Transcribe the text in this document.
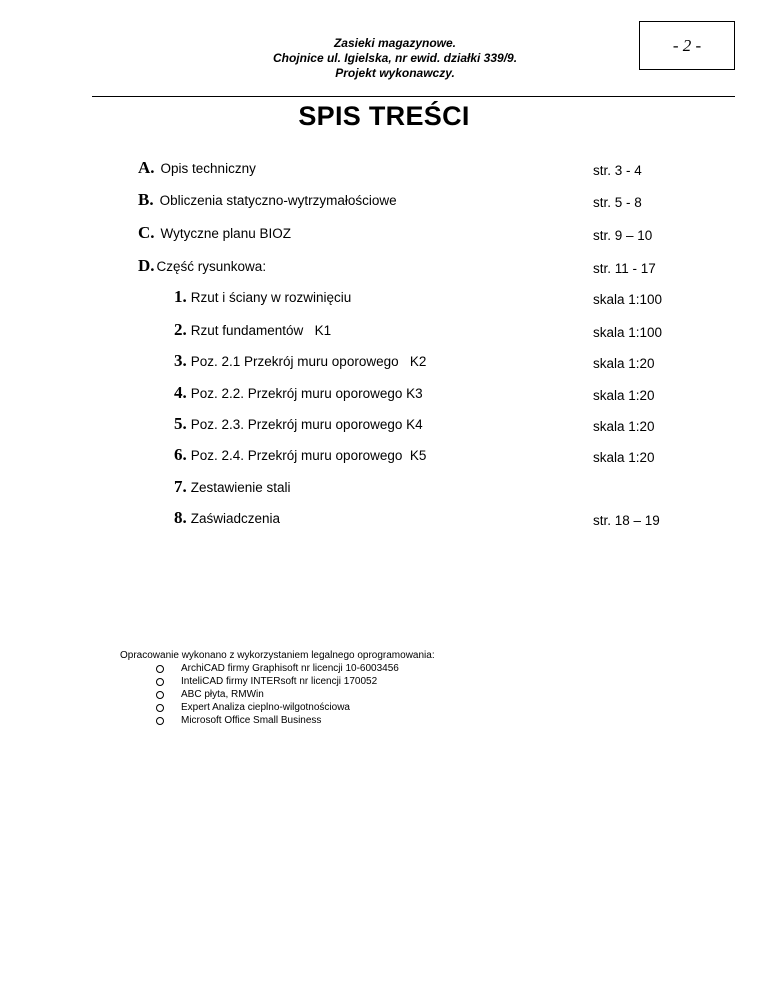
Zasieki magazynowe.
Chojnice ul. Igielska, nr ewid. działki 339/9.
Projekt wykonawczy.
- 2 -
SPIS TREŚCI
A. Opis techniczny	str. 3 - 4
B. Obliczenia statyczno-wytrzymałościowe	str. 5 - 8
C. Wytyczne planu BIOZ	str. 9 – 10
D. Część rysunkowa:	str. 11 - 17
1. Rzut i ściany w rozwinięciu	skala 1:100
2. Rzut fundamentów   K1	skala 1:100
3. Poz. 2.1 Przekrój muru oporowego   K2	skala 1:20
4. Poz. 2.2. Przekrój muru oporowego K3	skala 1:20
5. Poz. 2.3. Przekrój muru oporowego K4	skala 1:20
6. Poz. 2.4. Przekrój muru oporowego  K5	skala 1:20
7. Zestawienie stali
8. Zaświadczenia	str. 18 – 19
Opracowanie wykonano z wykorzystaniem legalnego oprogramowania:
ArchiCAD firmy Graphisoft nr licencji 10-6003456
InteliCAD firmy INTERsoft nr licencji 170052
ABC płyta, RMWin
Expert Analiza cieplno-wilgotnościowa
Microsoft Office Small Business
